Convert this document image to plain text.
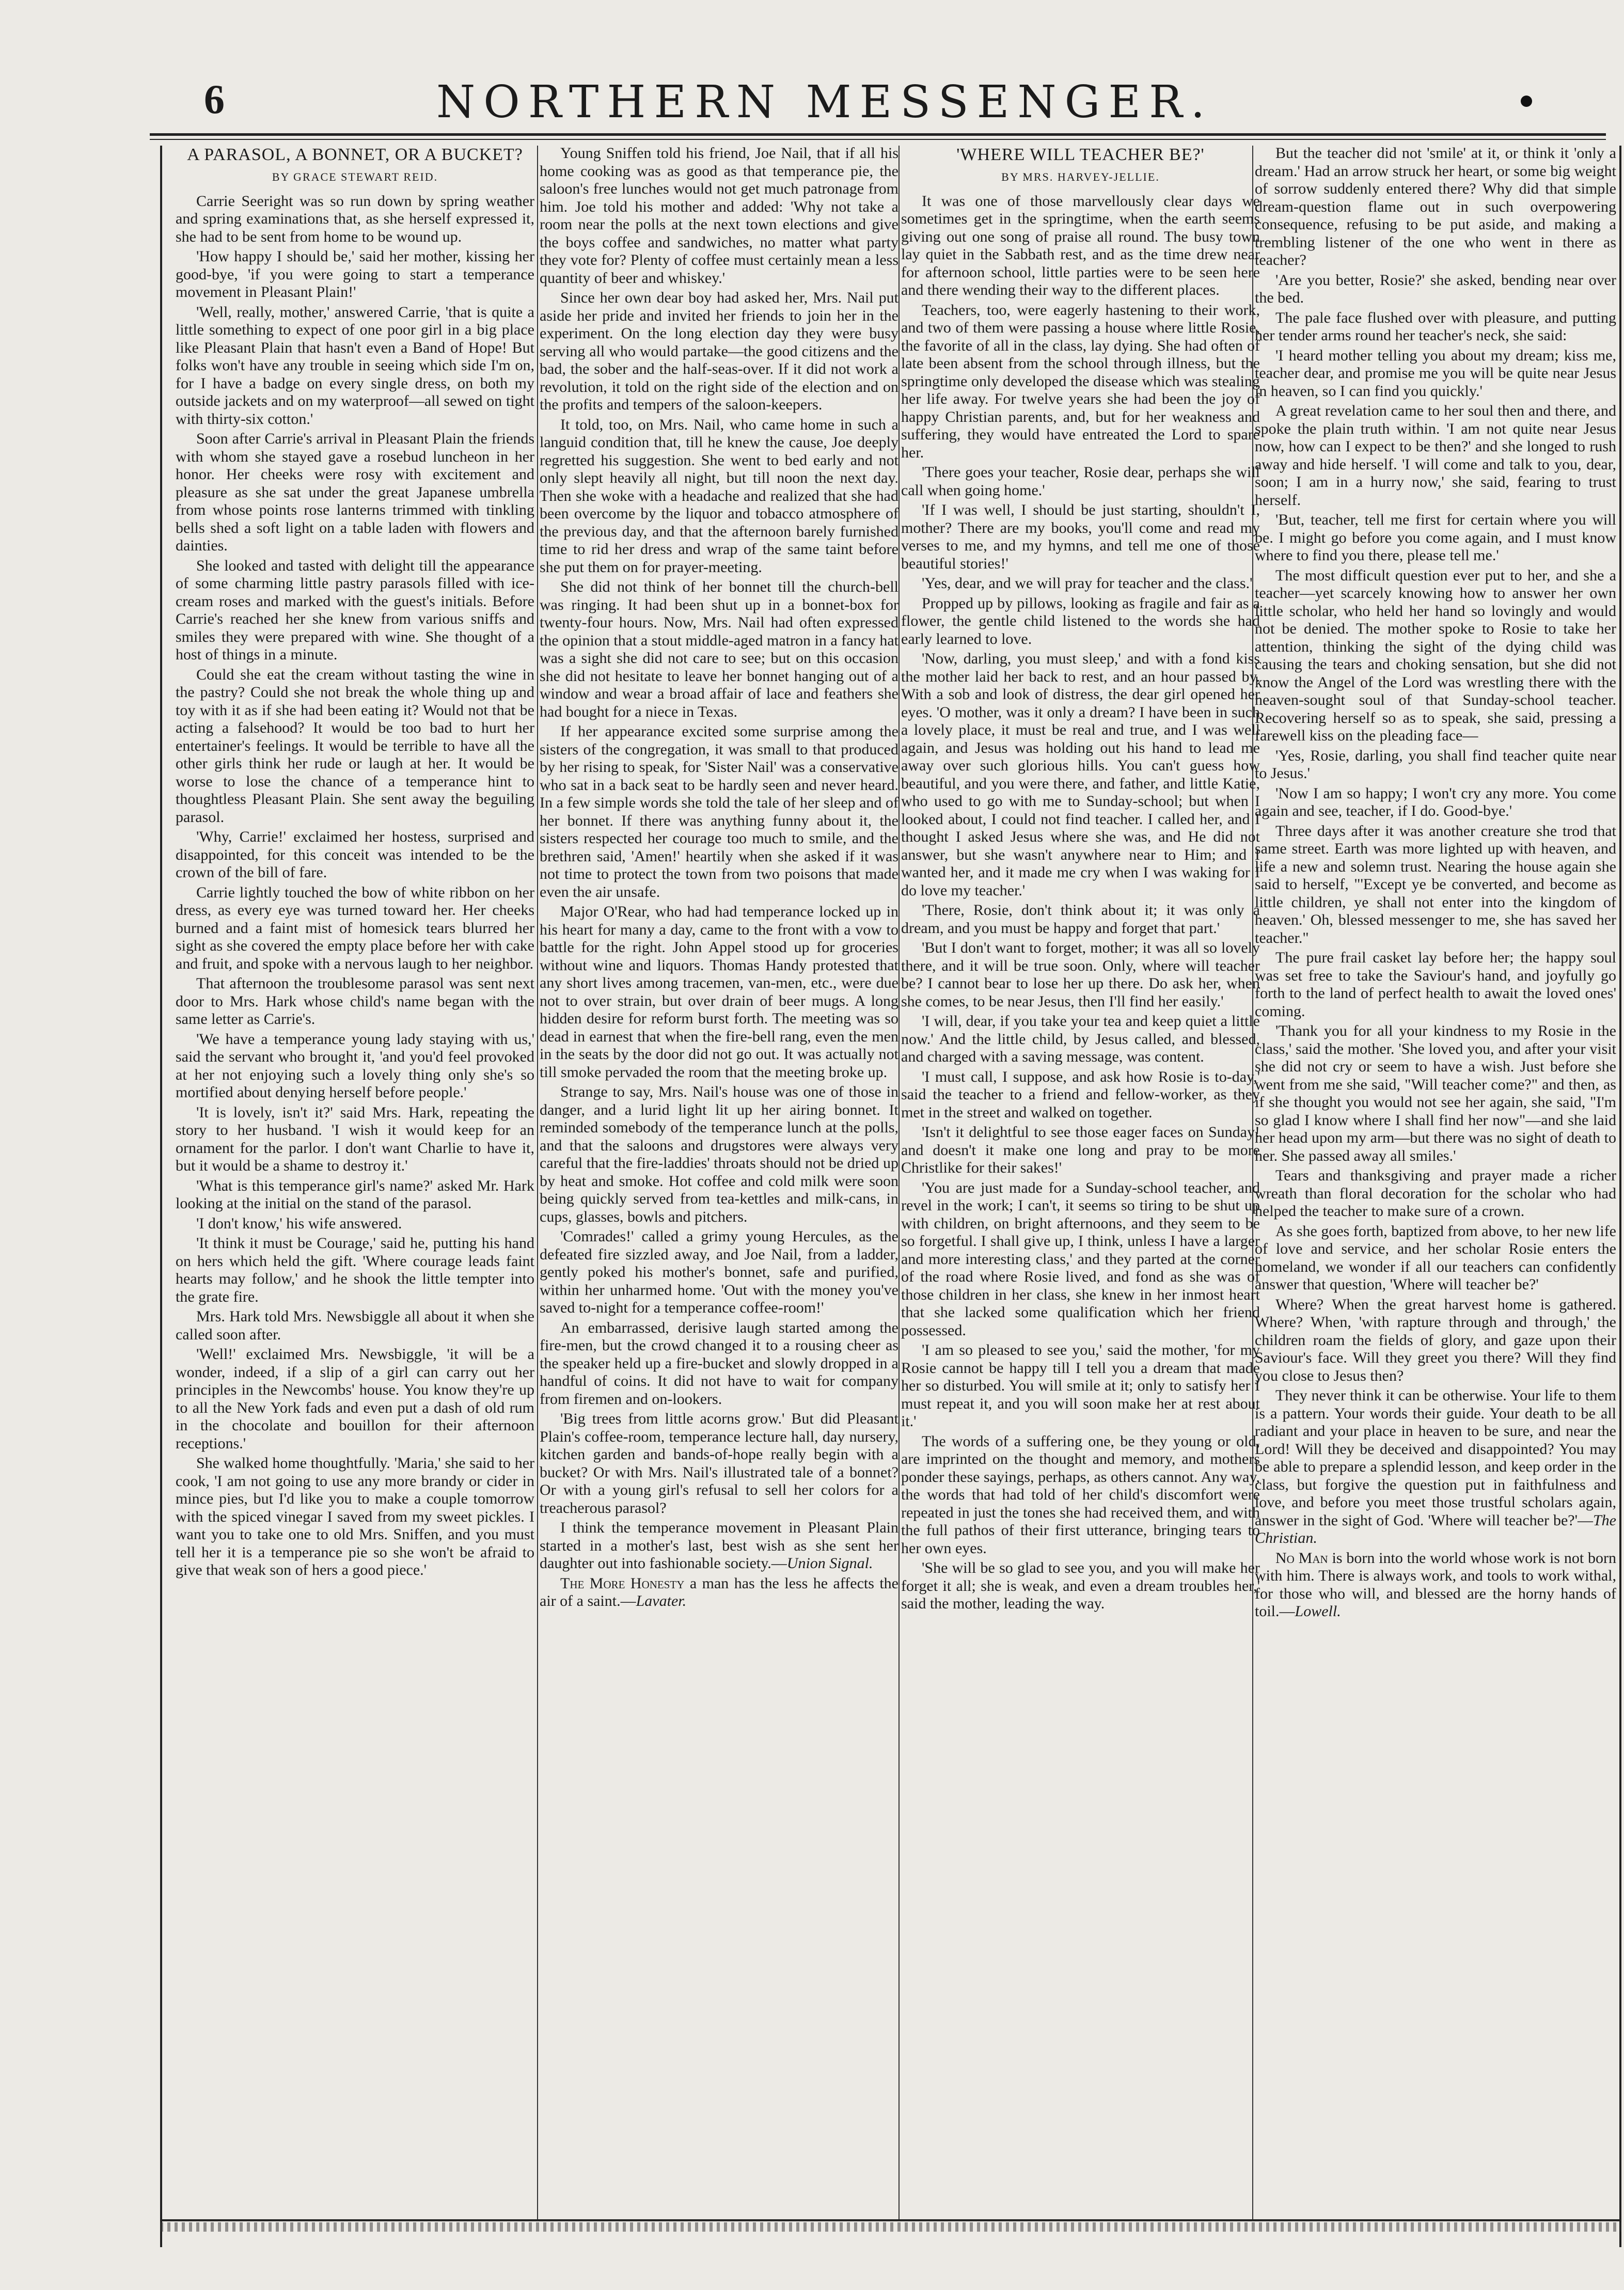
6	NORTHERN MESSENGER.
A PARASOL, A BONNET, OR A BUCKET?
BY GRACE STEWART REID.

Carrie Seeright was so run down by spring weather and spring examinations that, as she herself expressed it, she had to be sent from home to be wound up.

'How happy I should be,' said her mother, kissing her good-bye, 'if you were going to start a temperance movement in Pleasant Plain!'

'Well, really, mother,' answered Carrie, 'that is quite a little something to expect of one poor girl in a big place like Pleasant Plain that hasn't even a Band of Hope! But folks won't have any trouble in seeing which side I'm on, for I have a badge on every single dress, on both my outside jackets and on my waterproof—all sewed on tight with thirty-six cotton.'

Soon after Carrie's arrival in Pleasant Plain the friends with whom she stayed gave a rosebud luncheon in her honor. Her cheeks were rosy with excitement and pleasure as she sat under the great Japanese umbrella from whose points rose lanterns trimmed with tinkling bells shed a soft light on a table laden with flowers and dainties.

She looked and tasted with delight till the appearance of some charming little pastry parasols filled with ice-cream roses and marked with the guest's initials. Before Carrie's reached her she knew from various sniffs and smiles they were prepared with wine. She thought of a host of things in a minute.

Could she eat the cream without tasting the wine in the pastry? Could she not break the whole thing up and toy with it as if she had been eating it? Would not that be acting a falsehood? It would be too bad to hurt her entertainer's feelings. It would be terrible to have all the other girls think her rude or laugh at her. It would be worse to lose the chance of a temperance hint to thoughtless Pleasant Plain. She sent away the beguiling parasol.

'Why, Carrie!' exclaimed her hostess, surprised and disappointed, for this conceit was intended to be the crown of the bill of fare.

Carrie lightly touched the bow of white ribbon on her dress, as every eye was turned toward her. Her cheeks burned and a faint mist of homesick tears blurred her sight as she covered the empty place before her with cake and fruit, and spoke with a nervous laugh to her neighbor.

That afternoon the troublesome parasol was sent next door to Mrs. Hark whose child's name began with the same letter as Carrie's.

'We have a temperance young lady staying with us,' said the servant who brought it, 'and you'd feel provoked at her not enjoying such a lovely thing only she's so mortified about denying herself before people.'

'It is lovely, isn't it?' said Mrs. Hark, repeating the story to her husband. 'I wish it would keep for an ornament for the parlor. I don't want Charlie to have it, but it would be a shame to destroy it.'

'What is this temperance girl's name?' asked Mr. Hark looking at the initial on the stand of the parasol.

'I don't know,' his wife answered.

'It think it must be Courage,' said he, putting his hand on hers which held the gift. 'Where courage leads faint hearts may follow,' and he shook the little tempter into the grate fire.

Mrs. Hark told Mrs. Newsbiggle all about it when she called soon after.

'Well!' exclaimed Mrs. Newsbiggle, 'it will be a wonder, indeed, if a slip of a girl can carry out her principles in the Newcombs' house. You know they're up to all the New York fads and even put a dash of old rum in the chocolate and bouillon for their afternoon receptions.'

She walked home thoughtfully. 'Maria,' she said to her cook, 'I am not going to use any more brandy or cider in mince pies, but I'd like you to make a couple tomorrow with the spiced vinegar I saved from my sweet pickles. I want you to take one to old Mrs. Sniffen, and you must tell her it is a temperance pie so she won't be afraid to give that weak son of hers a good piece.'

Young Sniffen told his friend, Joe Nail, that if all his home cooking was as good as that temperance pie, the saloon's free lunches would not get much patronage from him. Joe told his mother and added: 'Why not take a room near the polls at the next town elections and give the boys coffee and sandwiches, no matter what party they vote for? Plenty of coffee must certainly mean a less quantity of beer and whiskey.'

Since her own dear boy had asked her, Mrs. Nail put aside her pride and invited her friends to join her in the experiment. On the long election day they were busy serving all who would partake—the good citizens and the bad, the sober and the half-seas-over. If it did not work a revolution, it told on the right side of the election and on the profits and tempers of the saloon-keepers.

It told, too, on Mrs. Nail, who came home in such a languid condition that, till he knew the cause, Joe deeply regretted his suggestion. She went to bed early and not only slept heavily all night, but till noon the next day. Then she woke with a headache and realized that she had been overcome by the liquor and tobacco atmosphere of the previous day, and that the afternoon barely furnished time to rid her dress and wrap of the same taint before she put them on for prayer-meeting.

She did not think of her bonnet till the church-bell was ringing. It had been shut up in a bonnet-box for twenty-four hours. Now, Mrs. Nail had often expressed the opinion that a stout middle-aged matron in a fancy hat was a sight she did not care to see; but on this occasion she did not hesitate to leave her bonnet hanging out of a window and wear a broad affair of lace and feathers she had bought for a niece in Texas.

If her appearance excited some surprise among the sisters of the congregation, it was small to that produced by her rising to speak, for 'Sister Nail' was a conservative who sat in a back seat to be hardly seen and never heard. In a few simple words she told the tale of her sleep and of her bonnet. If there was anything funny about it, the sisters respected her courage too much to smile, and the brethren said, 'Amen!' heartily when she asked if it was not time to protect the town from two poisons that made even the air unsafe.

Major O'Rear, who had had temperance locked up in his heart for many a day, came to the front with a vow to battle for the right. John Appel stood up for groceries without wine and liquors. Thomas Handy protested that any short lives among tracemen, van-men, etc., were due not to over strain, but over drain of beer mugs. A long hidden desire for reform burst forth. The meeting was so dead in earnest that when the fire-bell rang, even the men in the seats by the door did not go out. It was actually not till smoke pervaded the room that the meeting broke up.

Strange to say, Mrs. Nail's house was one of those in danger, and a lurid light lit up her airing bonnet. It reminded somebody of the temperance lunch at the polls, and that the saloons and drugstores were always very careful that the fire-laddies' throats should not be dried up by heat and smoke. Hot coffee and cold milk were soon being quickly served from tea-kettles and milk-cans, in cups, glasses, bowls and pitchers.

'Comrades!' called a grimy young Hercules, as the defeated fire sizzled away, and Joe Nail, from a ladder, gently poked his mother's bonnet, safe and purified, within her unharmed home. 'Out with the money you've saved to-night for a temperance coffee-room!'

An embarrassed, derisive laugh started among the fire-men, but the crowd changed it to a rousing cheer as the speaker held up a fire-bucket and slowly dropped in a handful of coins. It did not have to wait for company from firemen and on-lookers.

'Big trees from little acorns grow.' But did Pleasant Plain's coffee-room, temperance lecture hall, day nursery, kitchen garden and bands-of-hope really begin with a bucket? Or with Mrs. Nail's illustrated tale of a bonnet? Or with a young girl's refusal to sell her colors for a treacherous parasol?

I think the temperance movement in Pleasant Plain started in a mother's last, best wish as she sent her daughter out into fashionable society.—Union Signal.

The More Honesty a man has the less he affects the air of a saint.—Lavater.

'WHERE WILL TEACHER BE?'
BY MRS. HARVEY-JELLIE.

It was one of those marvellously clear days we sometimes get in the springtime, when the earth seems giving out one song of praise all round. The busy town lay quiet in the Sabbath rest, and as the time drew near for afternoon school, little parties were to be seen here and there wending their way to the different places.

Teachers, too, were eagerly hastening to their work, and two of them were passing a house where little Rosie, the favorite of all in the class, lay dying. She had often of late been absent from the school through illness, but the springtime only developed the disease which was stealing her life away. For twelve years she had been the joy of happy Christian parents, and, but for her weakness and suffering, they would have entreated the Lord to spare her.

'There goes your teacher, Rosie dear, perhaps she will call when going home.'

'If I was well, I should be just starting, shouldn't I, mother? There are my books, you'll come and read my verses to me, and my hymns, and tell me one of those beautiful stories!'

'Yes, dear, and we will pray for teacher and the class.'

Propped up by pillows, looking as fragile and fair as a flower, the gentle child listened to the words she had early learned to love.

'Now, darling, you must sleep,' and with a fond kiss the mother laid her back to rest, and an hour passed by. With a sob and look of distress, the dear girl opened her eyes. 'O mother, was it only a dream? I have been in such a lovely place, it must be real and true, and I was well again, and Jesus was holding out his hand to lead me away over such glorious hills. You can't guess how beautiful, and you were there, and father, and little Katie, who used to go with me to Sunday-school; but when I looked about, I could not find teacher. I called her, and I thought I asked Jesus where she was, and He did not answer, but she wasn't anywhere near to Him; and I wanted her, and it made me cry when I was waking for I do love my teacher.'

'There, Rosie, don't think about it; it was only a dream, and you must be happy and forget that part.'

'But I don't want to forget, mother; it was all so lovely there, and it will be true soon. Only, where will teacher be? I cannot bear to lose her up there. Do ask her, when she comes, to be near Jesus, then I'll find her easily.'

'I will, dear, if you take your tea and keep quiet a little now.' And the little child, by Jesus called, and blessed, and charged with a saving message, was content.

'I must call, I suppose, and ask how Rosie is to-day,' said the teacher to a friend and fellow-worker, as they met in the street and walked on together.

'Isn't it delightful to see those eager faces on Sunday! and doesn't it make one long and pray to be more Christlike for their sakes!'

'You are just made for a Sunday-school teacher, and revel in the work; I can't, it seems so tiring to be shut up with children, on bright afternoons, and they seem to be so forgetful. I shall give up, I think, unless I have a larger and more interesting class,' and they parted at the corner of the road where Rosie lived, and fond as she was of those children in her class, she knew in her inmost heart that she lacked some qualification which her friend possessed.

'I am so pleased to see you,' said the mother, 'for my Rosie cannot be happy till I tell you a dream that made her so disturbed. You will smile at it; only to satisfy her I must repeat it, and you will soon make her at rest about it.'

The words of a suffering one, be they young or old, are imprinted on the thought and memory, and mothers ponder these sayings, perhaps, as others cannot. Any way, the words that had told of her child's discomfort were repeated in just the tones she had received them, and with the full pathos of their first utterance, bringing tears to her own eyes.

'She will be so glad to see you, and you will make her forget it all; she is weak, and even a dream troubles her,' said the mother, leading the way.

But the teacher did not 'smile' at it, or think it 'only a dream.' Had an arrow struck her heart, or some big weight of sorrow suddenly entered there? Why did that simple dream-question flame out in such overpowering consequence, refusing to be put aside, and making a trembling listener of the one who went in there as teacher?

'Are you better, Rosie?' she asked, bending near over the bed.

The pale face flushed over with pleasure, and putting her tender arms round her teacher's neck, she said:

'I heard mother telling you about my dream; kiss me, teacher dear, and promise me you will be quite near Jesus in heaven, so I can find you quickly.'

A great revelation came to her soul then and there, and spoke the plain truth within. 'I am not quite near Jesus now, how can I expect to be then?' and she longed to rush away and hide herself. 'I will come and talk to you, dear, soon; I am in a hurry now,' she said, fearing to trust herself.

'But, teacher, tell me first for certain where you will be. I might go before you come again, and I must know where to find you there, please tell me.'

The most difficult question ever put to her, and she a teacher—yet scarcely knowing how to answer her own little scholar, who held her hand so lovingly and would not be denied. The mother spoke to Rosie to take her attention, thinking the sight of the dying child was causing the tears and choking sensation, but she did not know the Angel of the Lord was wrestling there with the heaven-sought soul of that Sunday-school teacher. Recovering herself so as to speak, she said, pressing a farewell kiss on the pleading face—

'Yes, Rosie, darling, you shall find teacher quite near to Jesus.'

'Now I am so happy; I won't cry any more. You come again and see, teacher, if I do. Good-bye.'

Three days after it was another creature she trod that same street. Earth was more lighted up with heaven, and life a new and solemn trust. Nearing the house again she said to herself, "'Except ye be converted, and become as little children, ye shall not enter into the kingdom of heaven.' Oh, blessed messenger to me, she has saved her teacher."

The pure frail casket lay before her; the happy soul was set free to take the Saviour's hand, and joyfully go forth to the land of perfect health to await the loved ones' coming.

'Thank you for all your kindness to my Rosie in the class,' said the mother. 'She loved you, and after your visit she did not cry or seem to have a wish. Just before she went from me she said, "Will teacher come?" and then, as if she thought you would not see her again, she said, "I'm so glad I know where I shall find her now"—and she laid her head upon my arm—but there was no sight of death to her. She passed away all smiles.'

Tears and thanksgiving and prayer made a richer wreath than floral decoration for the scholar who had helped the teacher to make sure of a crown.

As she goes forth, baptized from above, to her new life of love and service, and her scholar Rosie enters the homeland, we wonder if all our teachers can confidently answer that question, 'Where will teacher be?'

Where? When the great harvest home is gathered. Where? When, 'with rapture through and through,' the children roam the fields of glory, and gaze upon their Saviour's face. Will they greet you there? Will they find you close to Jesus then?

They never think it can be otherwise. Your life to them is a pattern. Your words their guide. Your death to be all radiant and your place in heaven to be sure, and near the Lord! Will they be deceived and disappointed? You may be able to prepare a splendid lesson, and keep order in the class, but forgive the question put in faithfulness and love, and before you meet those trustful scholars again, answer in the sight of God. 'Where will teacher be?'—The Christian.

No Man is born into the world whose work is not born with him. There is always work, and tools to work withal, for those who will, and blessed are the horny hands of toil.—Lowell.
